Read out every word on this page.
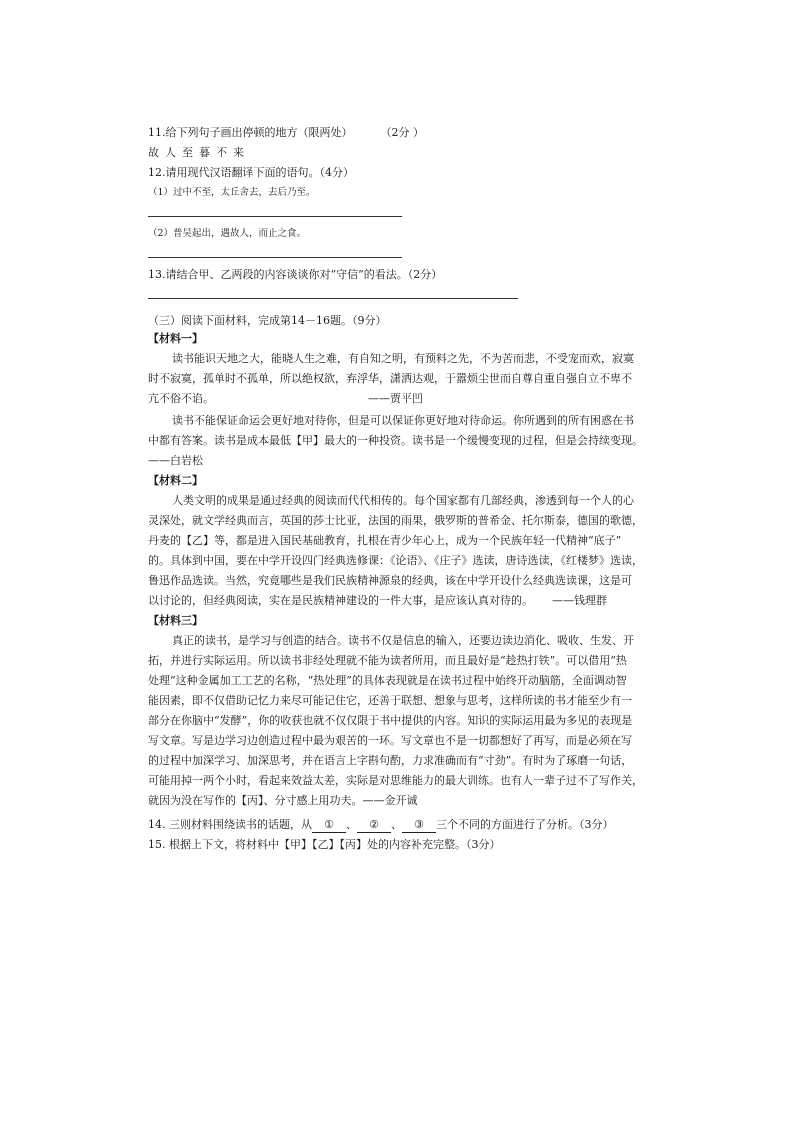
11.给下列句子画出停顿的地方（限两处）	（2分 ）
故人至暮不来
12.请用现代汉语翻译下面的语句。（4分）
（1）过中不至，太丘舍去，去后乃至。
（2）普吴起出，遇故人，而止之食。
13.请结合甲、乙两段的内容谈谈你对“守信”的看法。（2分）
（三）阅读下面材料，完成第14－16题。（9分）
【材料一】
读书能识天地之大，能晓人生之难，有自知之明，有预料之先，不为苦而悲，不受宠而欢，寂寞
时不寂寞，孤单时不孤单，所以绝权欲，弃浮华，潇洒达观，于嚣烦尘世而自尊自重自强自立不卑不
亢不俗不谄。	——贾平凹
读书不能保证命运会更好地对待你，但是可以保证你更好地对待命运。你所遇到的所有困惑在书
中都有答案。读书是成本最低【甲】最大的一种投资。读书是一个缓慢变现的过程，但是会持续变现。
——白岩松
【材料二】
人类文明的成果是通过经典的阅读而代代相传的。每个国家都有几部经典，渗透到每一个人的心
灵深处，就文学经典而言，英国的莎士比亚，法国的雨果，俄罗斯的普希金、托尔斯泰，德国的歌德，
丹麦的【乙】等，都是进入国民基础教育，扎根在青少年心上，成为一个民族年轻一代精神“底子”
的。具体到中国，要在中学开设四门经典选修课：《论语》、《庄子》选读，唐诗选读，《红楼梦》选读，
鲁迅作品选读。当然，究竟哪些是我们民族精神源泉的经典，该在中学开设什么经典选读课，这是可
以讨论的，但经典阅读，实在是民族精神建设的一件大事，是应该认真对待的。 ——钱理群
【材料三】
真正的读书，是学习与创造的结合。读书不仅是信息的输入，还要边读边消化、吸收、生发、开
拓，并进行实际运用。所以读书非经处理就不能为读者所用，而且最好是“趁热打铁”。可以借用“热
处理”这种金属加工工艺的名称，“热处理”的具体表现就是在读书过程中始终开动脑筋，全面调动智
能因素，即不仅借助记忆力来尽可能记住它，还善于联想、想象与思考，这样所读的书才能至少有一
部分在你脑中“发酵”，你的收获也就不仅仅限于书中提供的内容。知识的实际运用最为多见的表现是
写文章。写是边学习边创造过程中最为艰苦的一环。写文章也不是一切都想好了再写，而是必须在写
的过程中加深学习、加深思考，并在语言上字斟句酌，力求准确而有“寸劲”。有时为了琢磨一句话，
可能用掉一两个小时，看起来效益太差，实际是对思维能力的最大训练。也有人一辈子过不了写作关，
就因为没在写作的【丙】、分寸感上用功夫。——金开诚
14. 三则材料围绕读书的话题，从 ① 、 ② 、 ③ 三个不同的方面进行了分析。（3分）
15. 根据上下文，将材料中【甲】【乙】【丙】处的内容补充完整。（3分）
